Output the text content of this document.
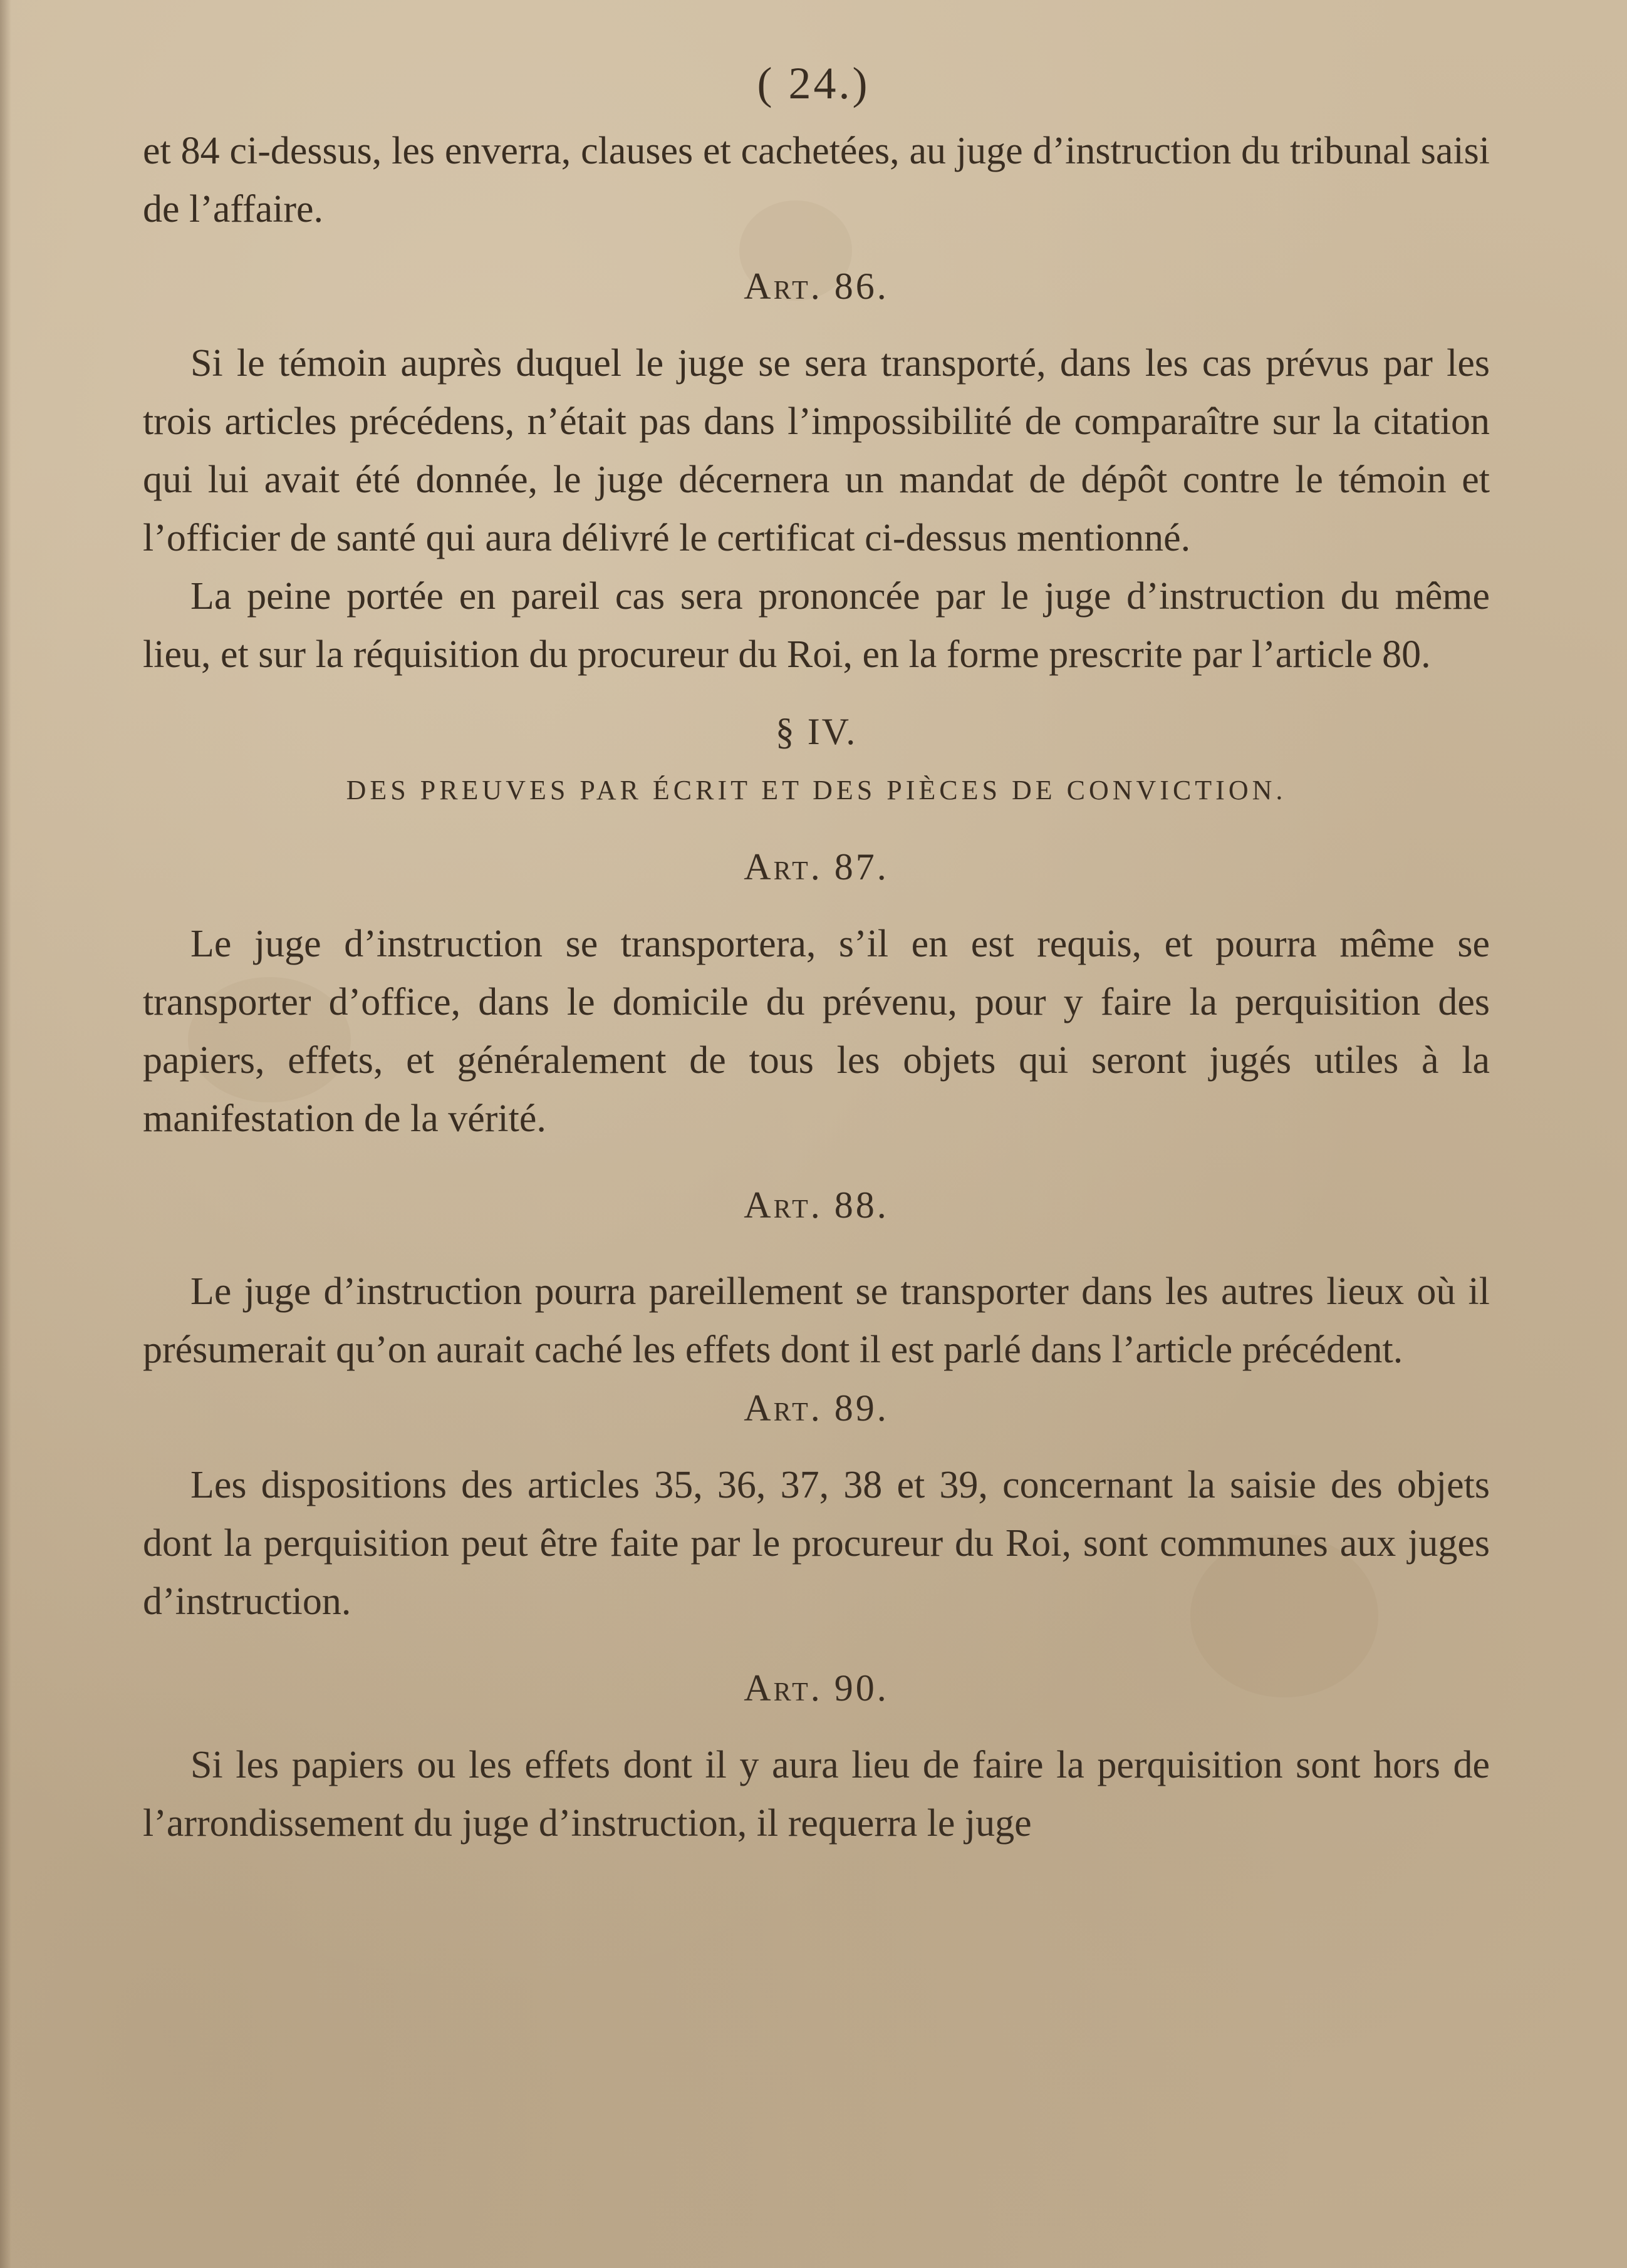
( 24.)

et 84 ci-dessus, les enverra, clauses et cachetées, au juge d’instruction du tribunal saisi de l’affaire.

Art. 86.

Si le témoin auprès duquel le juge se sera transporté, dans les cas prévus par les trois articles précédens, n’était pas dans l’impossibilité de comparaître sur la citation qui lui avait été donnée, le juge décernera un mandat de dépôt contre le témoin et l’officier de santé qui aura délivré le certificat ci-dessus mentionné.

La peine portée en pareil cas sera prononcée par le juge d’instruction du même lieu, et sur la réquisition du procureur du Roi, en la forme prescrite par l’article 80.

§ IV.
DES PREUVES PAR ÉCRIT ET DES PIÈCES DE CONVICTION.
Art. 87.

Le juge d’instruction se transportera, s’il en est requis, et pourra même se transporter d’office, dans le domicile du prévenu, pour y faire la perquisition des papiers, effets, et généralement de tous les objets qui seront jugés utiles à la manifestation de la vérité.

Art. 88.

Le juge d’instruction pourra pareillement se transporter dans les autres lieux où il présumerait qu’on aurait caché les effets dont il est parlé dans l’article précédent.

Art. 89.

Les dispositions des articles 35, 36, 37, 38 et 39, concernant la saisie des objets dont la perquisition peut être faite par le procureur du Roi, sont communes aux juges d’instruction.

Art. 90.

Si les papiers ou les effets dont il y aura lieu de faire la perquisition sont hors de l’arrondissement du juge d’instruction, il requerra le juge
